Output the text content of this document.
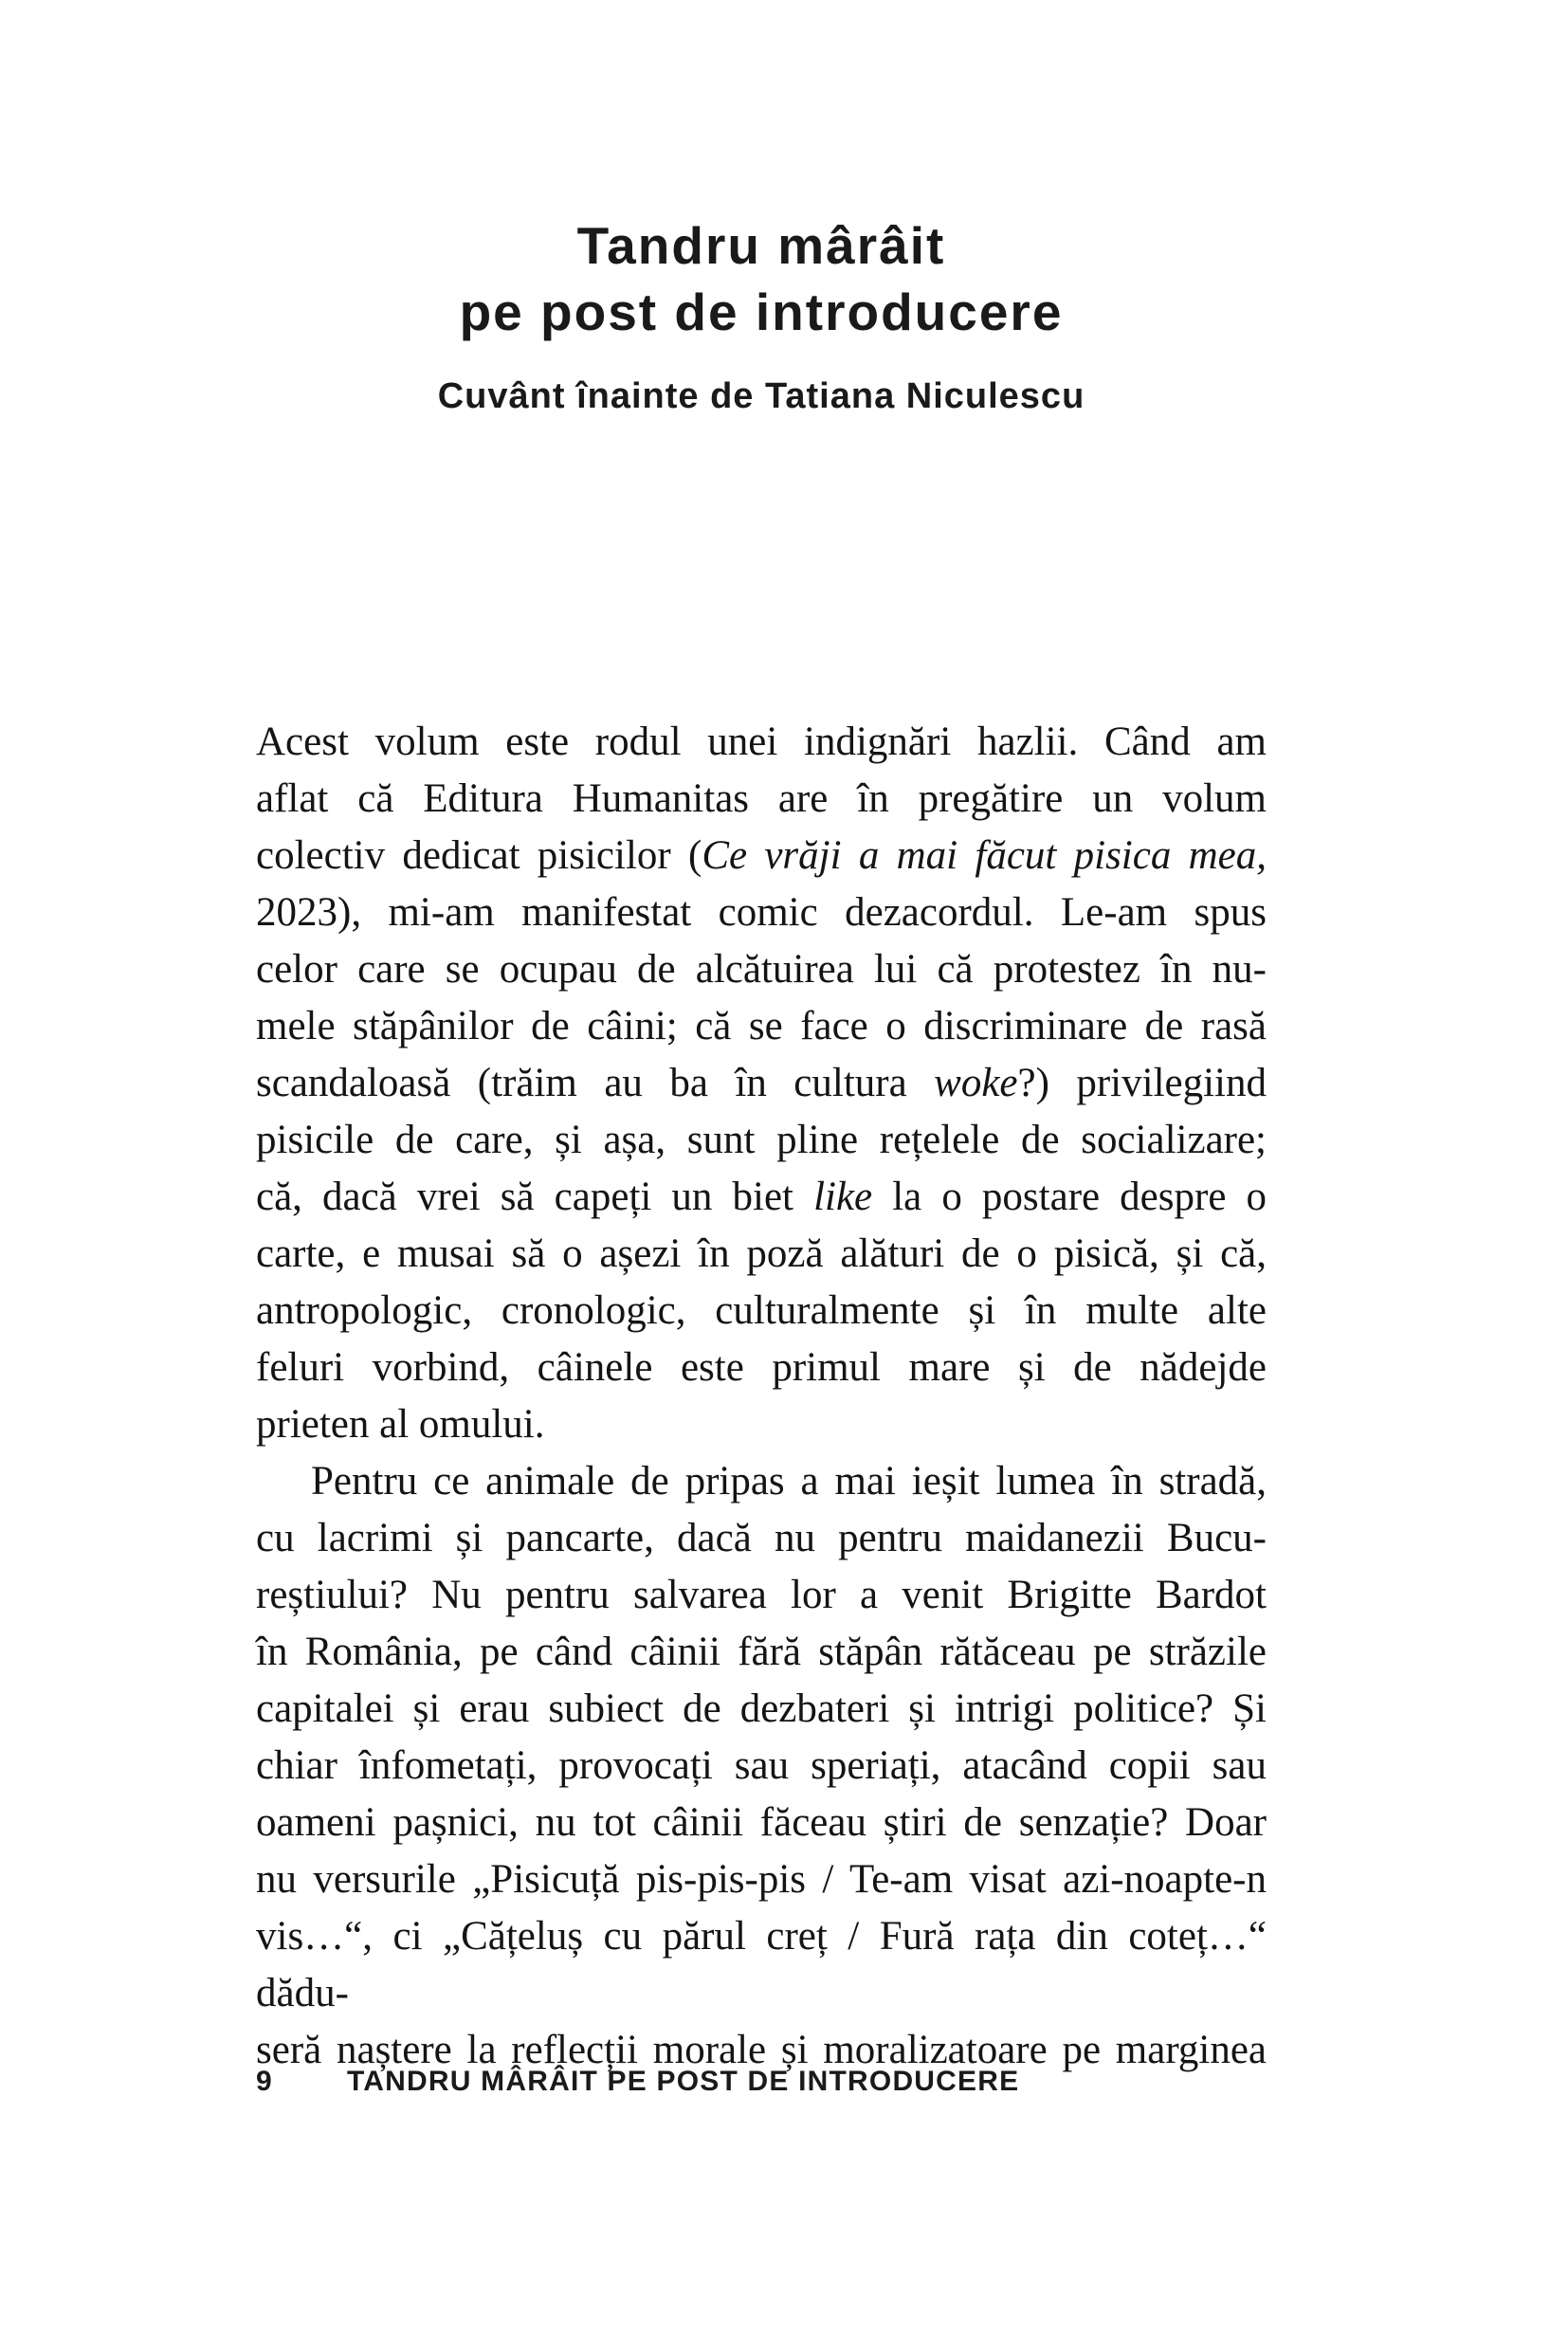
Tandru mârâit
pe post de introducere
Cuvânt înainte de Tatiana Niculescu
Acest volum este rodul unei indignări hazlii. Când am
aflat că Editura Humanitas are în pregătire un volum
colectiv dedicat pisicilor (Ce vrăji a mai făcut pisica mea,
2023), mi-am manifestat comic dezacordul. Le-am spus
celor care se ocupau de alcătuirea lui că protestez în nu-
mele stăpânilor de câini; că se face o discriminare de rasă
scandaloasă (trăim au ba în cultura woke?) privilegiind
pisicile de care, și așa, sunt pline rețelele de socializare;
că, dacă vrei să capeți un biet like la o postare despre o
carte, e musai să o așezi în poză alături de o pisică, și că,
antropologic, cronologic, culturalmente și în multe alte
feluri vorbind, câinele este primul mare și de nădejde
prieten al omului.
Pentru ce animale de pripas a mai ieșit lumea în stradă,
cu lacrimi și pancarte, dacă nu pentru maidanezii Bucu-
reștiului? Nu pentru salvarea lor a venit Brigitte Bardot
în România, pe când câinii fără stăpân rătăceau pe străzile
capitalei și erau subiect de dezbateri și intrigi politice? Și
chiar înfometați, provocați sau speriați, atacând copii sau
oameni pașnici, nu tot câinii făceau știri de senzație? Doar
nu versurile „Pisicuță pis-pis-pis / Te-am visat azi-noapte-n
vis…“, ci „Cățeluș cu părul creț / Fură rața din coteț…“ dădu-
seră naștere la reflecții morale și moralizatoare pe marginea
9	TANDRU MÂRÂIT PE POST DE INTRODUCERE
